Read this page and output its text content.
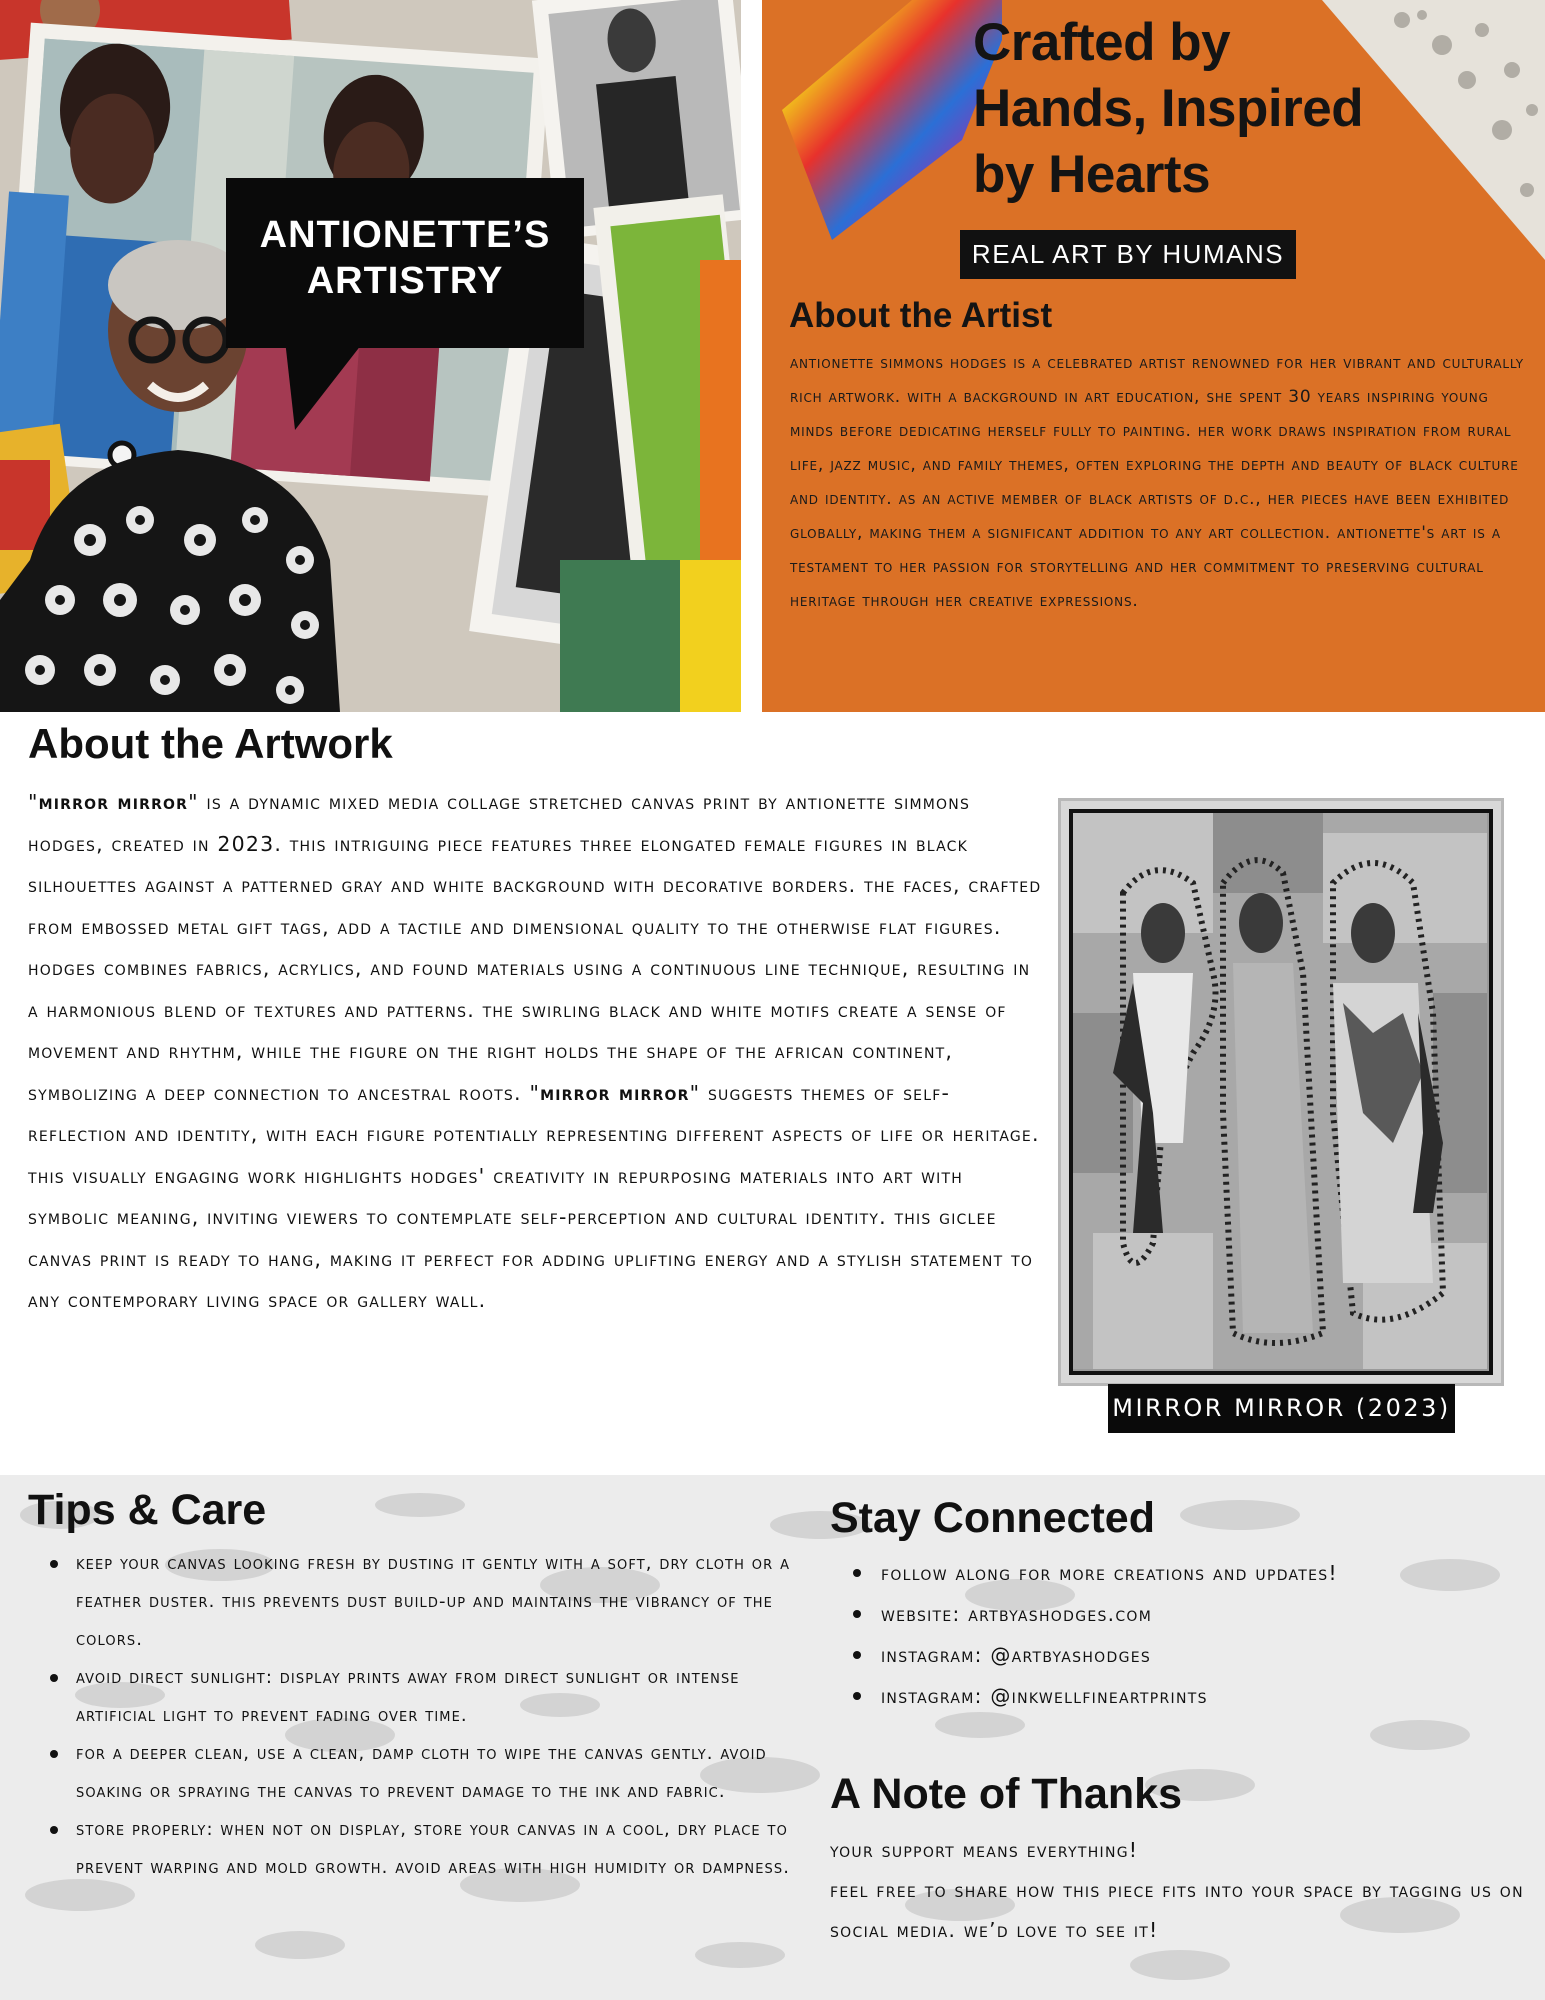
ANTIONETTE’S
ARTISTRY
Crafted by
Hands, Inspired
by Hearts
REAL ART BY HUMANS
About the Artist
antionette simmons hodges is a celebrated artist renowned for her vibrant and culturally rich artwork. with a background in art education, she spent 30 years inspiring young minds before dedicating herself fully to painting. her work draws inspiration from rural life, jazz music, and family themes, often exploring the depth and beauty of black culture and identity. as an active member of black artists of d.c., her pieces have been exhibited globally, making them a significant addition to any art collection. antionette's art is a testament to her passion for storytelling and her commitment to preserving cultural heritage through her creative expressions.
About the Artwork
"mirror mirror" is a dynamic mixed media collage stretched canvas print by antionette simmons hodges, created in 2023. this intriguing piece features three elongated female figures in black silhouettes against a patterned gray and white background with decorative borders. the faces, crafted from embossed metal gift tags, add a tactile and dimensional quality to the otherwise flat figures. hodges combines fabrics, acrylics, and found materials using a continuous line technique, resulting in a harmonious blend of textures and patterns. the swirling black and white motifs create a sense of movement and rhythm, while the figure on the right holds the shape of the african continent, symbolizing a deep connection to ancestral roots. "mirror mirror" suggests themes of self-reflection and identity, with each figure potentially representing different aspects of life or heritage. this visually engaging work highlights hodges' creativity in repurposing materials into art with symbolic meaning, inviting viewers to contemplate self-perception and cultural identity. this giclee canvas print is ready to hang, making it perfect for adding uplifting energy and a stylish statement to any contemporary living space or gallery wall.
MIRROR MIRROR (2023)
Tips & Care
keep your canvas looking fresh by dusting it gently with a soft, dry cloth or a feather duster. this prevents dust build-up and maintains the vibrancy of the colors.
avoid direct sunlight: display prints away from direct sunlight or intense artificial light to prevent fading over time.
for a deeper clean, use a clean, damp cloth to wipe the canvas gently. avoid soaking or spraying the canvas to prevent damage to the ink and fabric.
store properly: when not on display, store your canvas in a cool, dry place to prevent warping and mold growth. avoid areas with high humidity or dampness.
Stay Connected
follow along for more creations and updates!
website: artbyashodges.com
instagram: @artbyashodges
instagram: @inkwellfineartprints
A Note of Thanks
your support means everything!
feel free to share how this piece fits into your space by tagging us on social media. we’d love to see it!
